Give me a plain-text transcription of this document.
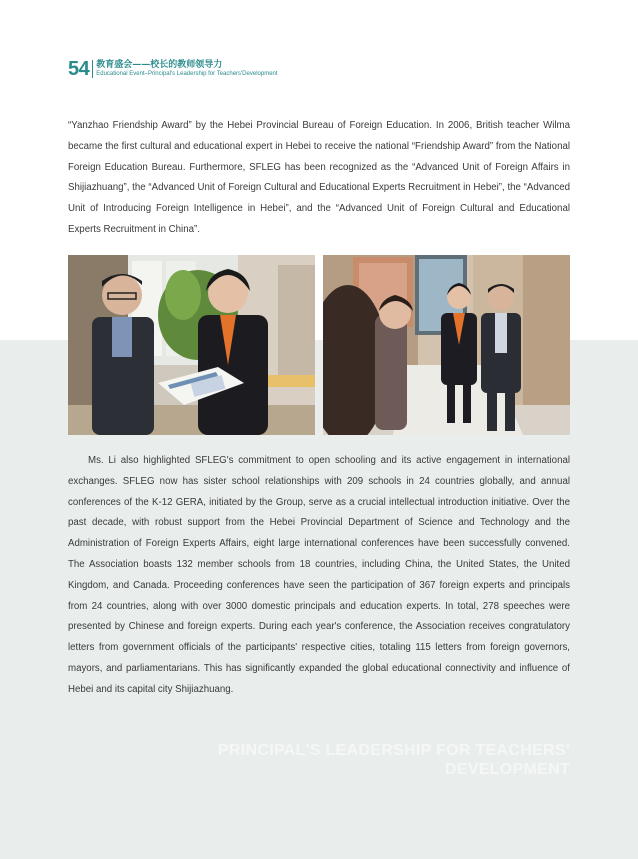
54 教育盛会——校长的教师领导力
Educational Event–Principal's Leadership for Teachers'Development

“Yanzhao Friendship Award” by the Hebei Provincial Bureau of Foreign Education. In 2006, British teacher Wilma became the first cultural and educational expert in Hebei to receive the national “Friendship Award” from the National Foreign Education Bureau. Furthermore, SFLEG has been recognized as the “Advanced Unit of Foreign Affairs in Shijiazhuang”, the “Advanced Unit of Foreign Cultural and Educational Experts Recruitment in Hebei”, the “Advanced Unit of Introducing Foreign Intelligence in Hebei”, and the “Advanced Unit of Foreign Cultural and Educational Experts Recruitment in China”.

Ms. Li also highlighted SFLEG's commitment to open schooling and its active engagement in international exchanges. SFLEG now has sister school relationships with 209 schools in 24 countries globally, and annual conferences of the K-12 GERA, initiated by the Group, serve as a crucial intellectual introduction initiative. Over the past decade, with robust support from the Hebei Provincial Department of Science and Technology and the Administration of Foreign Experts Affairs, eight large international conferences have been successfully convened. The Association boasts 132 member schools from 18 countries, including China, the United States, the United Kingdom, and Canada. Proceeding conferences have seen the participation of 367 foreign experts and principals from 24 countries, along with over 3000 domestic principals and education experts. In total, 278 speeches were presented by Chinese and foreign experts. During each year's conference, the Association receives congratulatory letters from government officials of the participants' respective cities, totaling 115 letters from foreign governors, mayors, and parliamentarians. This has significantly expanded the global educational connectivity and influence of Hebei and its capital city Shijiazhuang.

PRINCIPAL'S LEADERSHIP FOR TEACHERS'
DEVELOPMENT
